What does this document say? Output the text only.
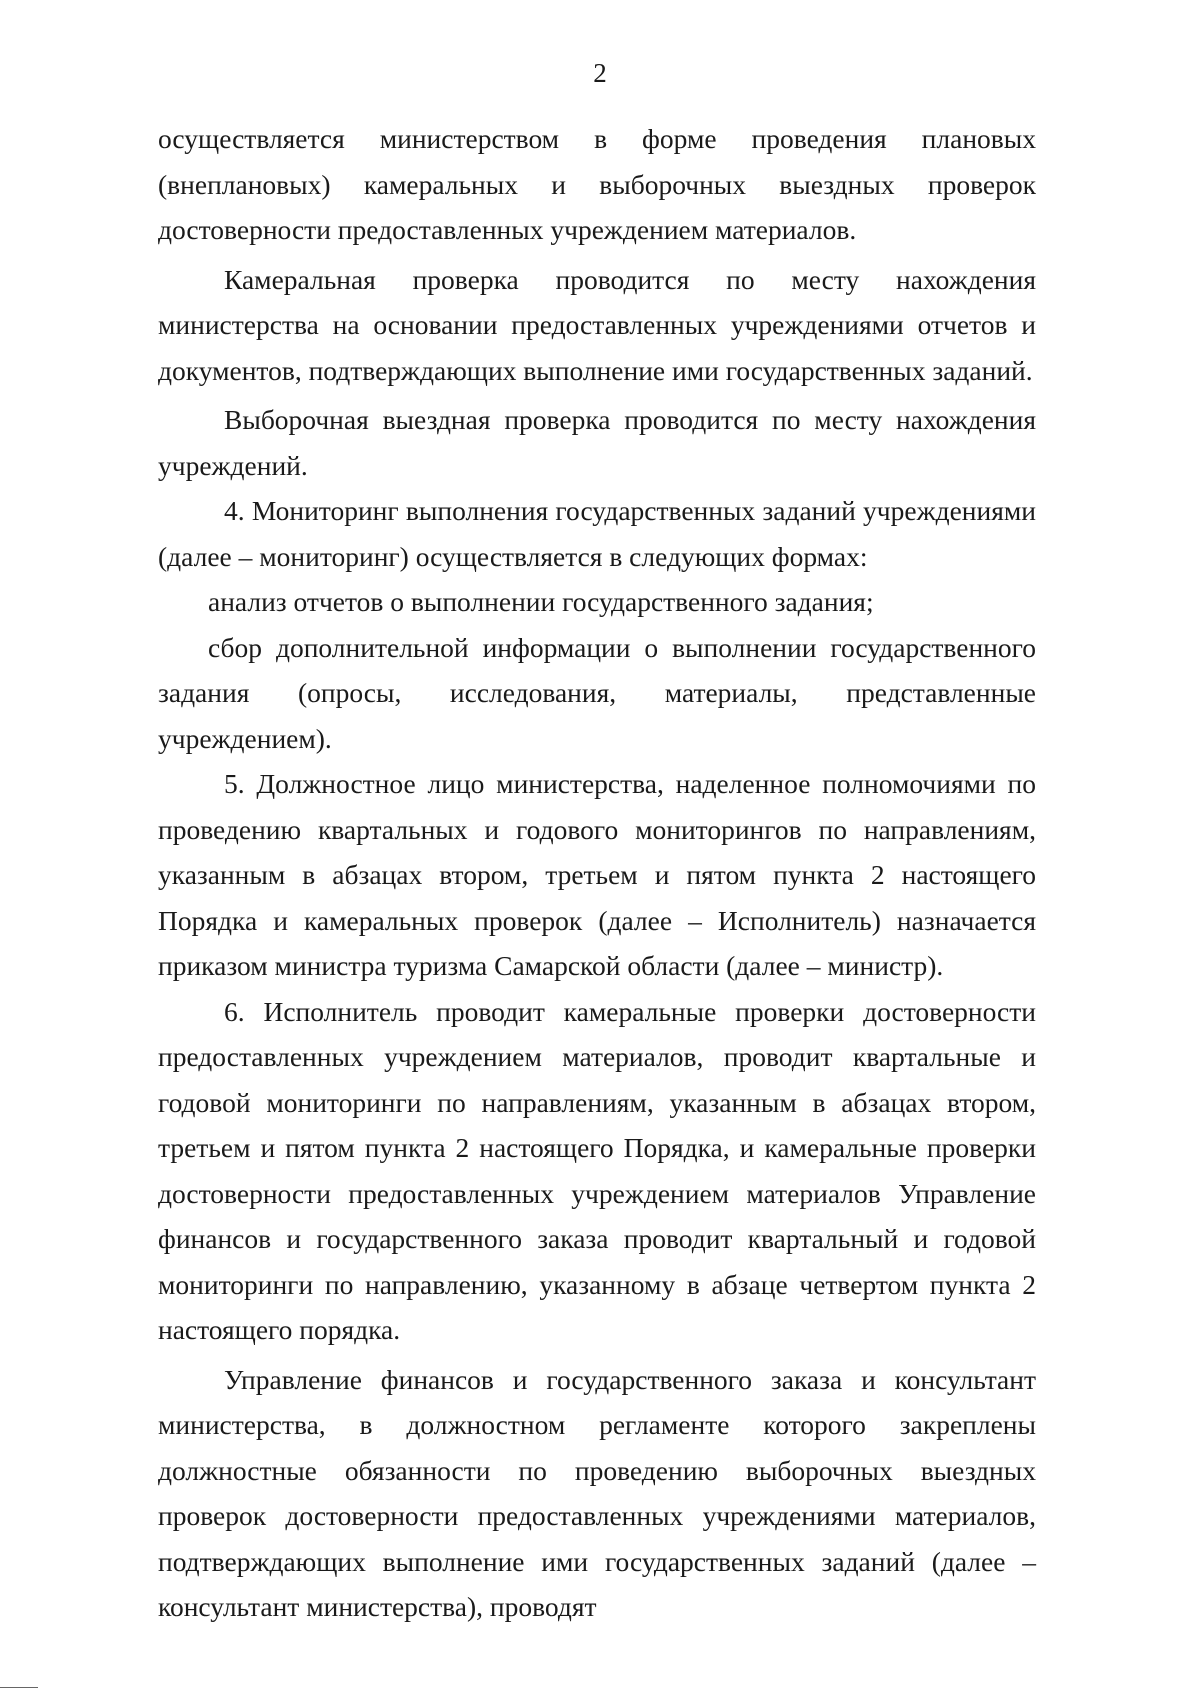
2

осуществляется министерством в форме проведения плановых (внеплановых) камеральных и выборочных выездных проверок достоверности предоставленных учреждением материалов.

Камеральная проверка проводится по месту нахождения министерства на основании предоставленных учреждениями отчетов и документов, подтверждающих выполнение ими государственных заданий.

Выборочная выездная проверка проводится по месту нахождения учреждений.

4. Мониторинг выполнения государственных заданий учреждениями (далее – мониторинг) осуществляется в следующих формах:

анализ отчетов о выполнении государственного задания;

сбор дополнительной информации о выполнении государственного задания (опросы, исследования, материалы, представленные учреждением).

5. Должностное лицо министерства, наделенное полномочиями по проведению квартальных и годового мониторингов по направлениям, указанным в абзацах втором, третьем и пятом пункта 2 настоящего Порядка и камеральных проверок (далее – Исполнитель) назначается приказом министра туризма Самарской области (далее – министр).

6. Исполнитель проводит камеральные проверки достоверности предоставленных учреждением материалов, проводит квартальные и годовой мониторинги по направлениям, указанным в абзацах втором, третьем и пятом пункта 2 настоящего Порядка, и камеральные проверки достоверности предоставленных учреждением материалов Управление финансов и государственного заказа проводит квартальный и годовой мониторинги по направлению, указанному в абзаце четвертом пункта 2 настоящего порядка.

Управление финансов и государственного заказа и консультант министерства, в должностном регламенте которого закреплены должностные обязанности по проведению выборочных выездных проверок достоверности предоставленных учреждениями материалов, подтверждающих выполнение ими государственных заданий (далее – консультант министерства), проводят
